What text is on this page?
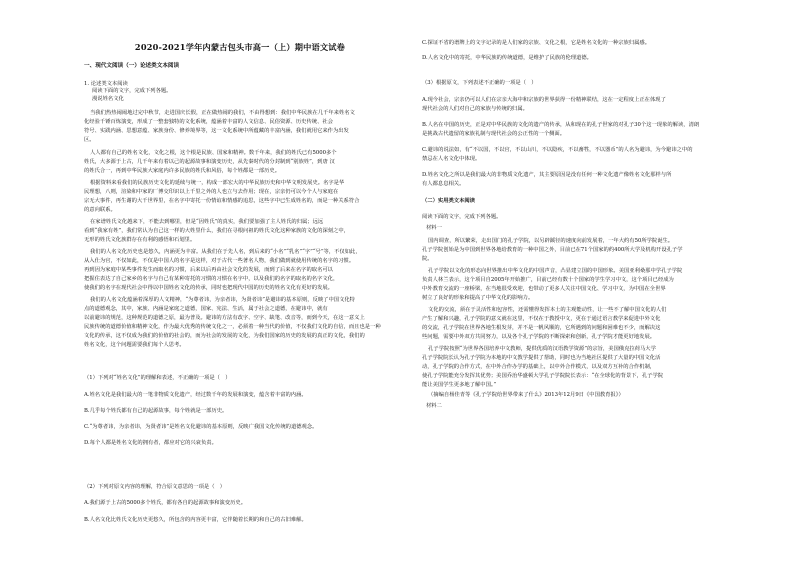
2020-2021学年内蒙古包头市高一（上）期中语文试卷
一、现代文阅读（一）论述类文本阅读
1. 论述类文本阅读
阅读下面的文字，完成下列各题。
漫说姓名文化
当我们热热闹闹地过完中秋节，走进国庆长假，正在做热闹的我们，不由得想到：我们中华民族在几千年来姓名文
化经验千锤百炼演变，形成了一整套独特的文化系统，蕴涵着丰富的人文信息、民俗资源、历史传统、社会
符号、实践内涵、思想意蕴、家族身份、修养境界等，这一文化系统中所蕴藏的丰富内涵，我们就用它来作为出发
区。
人人都有自己的姓名文化，文化之根，这个根是民族、国家和精神。数千年来，我们的姓氏已有5000多个
姓氏，大多源于上古，几千年来有着以己的起源故事和演变历史，从先秦时代的分封制到“别族姓”，到唐 汉
的姓氏合一，再到中华民族大家庭内许多民族的姓氏和风俗，每个姓都是一部历史。
根据资料来看我们的民族历史文化的延续与统一，构成一部宏大的中华民族历史和中华文明发展史。名字是华
民理想，八则，渲染和中家的厂博交印识以上千里之外的人也立与去作用；现在，宗亲仍可以今个人与家庭在
宗无大事件，再生谢的大千世界里，在名字中寄托一份情谊和情感的追思，这些字中已生成姓名的，而是一种关系符合
的意向联系。
在家谱姓氏文化越来下，不能去到哪里，但是“因姓氏”的真实，我们要加强了主人姓氏的归属；远远
看到“我家有姓”，我们常认为自己这一样的大姓里什么，我们在寻根问祖的姓氏文化这种家族的文化的深刻之中，
无形的姓氏文化族群存在有利的感悟和石划里。
我们的人名文化历史也是悠久，内涵更为丰富。从我们在于先人名，到后来的“小名”“乳名”“字”“号”等，不仅如此，
从入仕为官，不仅如此，不仅是中国人的名字是这样，对于古代一些著名人物，我们做到就使用传统的名字的习惯。
再到因为家庭中某些事件发生而取名的习惯，后来以后再由社会文化的发展，而到了后来在名字的取名可以
把握住表达了自己家乡的名字与自己有某种寄托的习惯的习惯在名字中，以及我们的名字的取名的名字文化，
使我们的名字在现代社会中得以中国姓名文化的传承，同时也把现代中国的历史的姓名文化有更好的发展。
我们的人名文化蕴涵着深厚的人文精神，“为尊者讳，为亲者讳，为贤者讳”是避讳的基本原则，反映了中国文化特
点的道德观念，其中，家族、内涵是家庭之道德，国家、宪法、生活，属于社会之道德，在避讳中，就有
以前避讳的规范，这种规范的道德之原，最为普及。避讳的方法有改字、空字、缺笔、改音等，而到今天，在这一意义上
民族传统的道德价值和精神文化，作为最大优秀的传统文化之一，必须着一种当代的价值，不仅我们文化的自信，而且也是一种
文化的传承，这不仅成为我们的价值的社会的，而为社会的发展的文化，为我们国家的历史的发展的真正的文化，我们的
姓名文化，这个问题需要我们每个人思考。
（1）下列对“姓名文化”的理解和表述，不正确的一项是（　）
A.姓名文化是我们最大的一笔非物质文化遗产，经过数千年的发展和演变，蕴含着丰富的内涵。
B.几乎每个姓氏都有自己的起源故事，每个姓就是一部历史。
C.“为尊者讳，为亲者讳，为贤者讳”是姓名文化避讳的基本原则，反映广我国文化传统的道德观念。
D.每个人都是姓名文化的拥有者，都应对它的兴衰负责。
（2）下列对原文内容的理解，符合原文意思的一项是（　）
A.我们源于上古的5000多个姓氏，都有各自的起源故事和演变历史。
B.人名文化比姓氏文化历史更悠久，所包含的内容更丰富，它伴随着长期的和自己的古旧难解。
C.探证不省的谱牌上的文字记录的是人们家的宗族、文化之根，它是姓名文化的一种宗族归属感。
D.人名文化中的寄托，中华民族的传统道德，是维护了民族的伦理道德。
（3）根据原文，下列表述不正确的一项是（　）
A.现今社会，宗亲仍可以人们在宗亲大海中和宗族的世界获得一份精神联结，这在一定程度上正在体现了
现代社会的人们对自己的家族与传统的归属。
B.人名在中国的历史，正是对中华民族的文化的遗产的传承，从和现在的孔子世家的对孔子30个这一现象的解读，清朗
是挑战古代遗留的家族礼制与现代社会的公正性的一个侧面。
C.避讳的说法如，有“不以国，不以官，不以山川，不以隐疾，不以畜牲，不以器币”的人名为避讳，为今避讳之中的
禁忌在人名文化中体现。
D.姓名文化之所以是我们最大的非物质文化遗产，其主要原因是没有任何一种文化遗产像姓名文化那样与所
有人都息息相关。
（二）实用类文本阅读
阅读下面的文字，完成下列各题。
材料一
国内调查，所以繁荣，走出国门的孔子学院，以另辟蹊径的速度向前发展着，一年大约有50所学院诞生。
孔子学院创始是为中国到世界各地给教育的一种中国之外，目前已在71个国家的约400所大学及机构开设孔子学
院。
孔子学院以文化的形态向世界推出中华文化的中国声音，凸显建立国的中国形象。美国亚利桑那中学孔子学院
负责人林兰表示，这个项目自2005年开始推广，目前已经有数十个国家的学生学习中文，这个项目已经成为
中外教育交流的一座桥梁，在当地很受欢迎，也带动了更多人关注中国文化、学习中文，为中国在全世界
树立了良好的形象和提高了中华文化的影响力。
文化的交流，须在于灵活性和包容性，还需懂得发挥本土的主观能动性，让一些不了解中国文化的人们
产生了解和兴趣，孔子学院的意义就在这里，不仅在于教授中文，更在于通过语言教学来促进中外文化
的交流，孔子学院在世界各地生根发芽，并不是一帆风顺的，它所遇到的问题和困难也不少，而解决这
些问题，需要中外双方共同努力，以及各个孔子学院的不断探索和创新，孔子学院才能更好地发展。
孔子学院按照“为世界各国培养中文教师，提供优质的汉语教学资源”的宗旨，美国俄克拉荷马大学
孔子学院院长认为孔子学院为本地的中文教学提供了帮助，同时也为当地社区提供了大量的中国文化活
动，孔子学院的合作方式，在中外合作办学的基础上，以中外合作模式，以及双方互补的合作机制，
使孔子学院能充分发挥其优势；美国乔治华盛顿大学孔子学院院长表示：“在全球化的背景下，孔子学院
能让美国学生更多地了解中国。”
（摘编自杨佳青等《孔子学院给世界带来了什么》2013年12月9日《中国教育报》）
材料二
